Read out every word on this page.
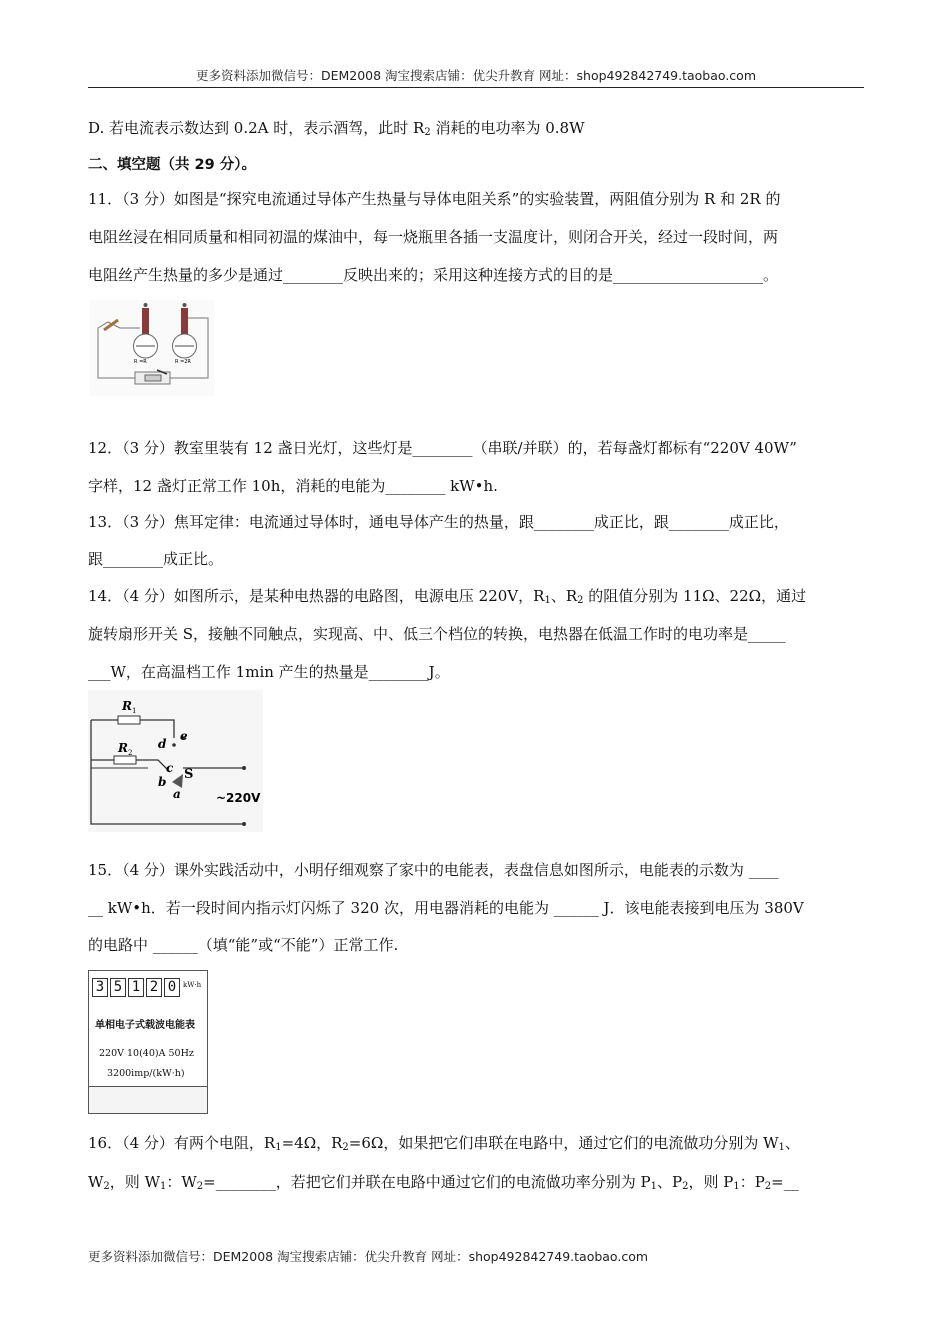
更多资料添加微信号：DEM2008 淘宝搜索店铺：优尖升教育 网址：shop492842749.taobao.com
D. 若电流表示数达到 0.2A 时，表示酒驾，此时 $R_2$ 消耗的电功率为 0.8W
二、填空题（共 29 分）。
11．（3 分）如图是“探究电流通过导体产生热量与导体电阻关系”的实验装置，两阻值分别为 R 和 2R 的
电阻丝浸在相同质量和相同初温的煤油中，每一烧瓶里各插一支温度计，则闭合开关，经过一段时间，两
电阻丝产生热量的多少是通过________反映出来的；采用这种连接方式的目的是____________________。
R =R	R =2R
12．（3 分）教室里装有 12 盏日光灯，这些灯是________（串联/并联）的，若每盏灯都标有“220V 40W”
字样，12 盏灯正常工作 10h，消耗的电能为________ kW•h.
13．（3 分）焦耳定律：电流通过导体时，通电导体产生的热量，跟________成正比，跟________成正比，
跟________成正比。
14．（4 分）如图所示，是某种电热器的电路图，电源电压 220V，$R_1$、$R_2$ 的阻值分别为 11Ω、22Ω，通过
旋转扇形开关 S，接触不同触点，实现高、中、低三个档位的转换，电热器在低温工作时的电功率是_____
___W，在高温档工作 1min 产生的热量是________J。
R 1
R 2
d
e
c
b
a
S
~220V
15．（4 分）课外实践活动中，小明仔细观察了家中的电能表，表盘信息如图所示，电能表的示数为 ____
__ kW•h．若一段时间内指示灯闪烁了 320 次，用电器消耗的电能为 ______ J．该电能表接到电压为 380V
的电路中 ______（填“能”或“不能”）正常工作.
3 5 1 2 0 kW·h
单相电子式载波电能表
220V 10(40)A 50Hz
3200imp/(kW·h)
16．（4 分）有两个电阻，$R_1=4\Omega$，$R_2=6\Omega$，如果把它们串联在电路中，通过它们的电流做功分别为 $W_1$、
$W_2$，则 $W_1$：$W_2=\_\_\_\_\_\_\_\_$，若把它们并联在电路中通过它们的电流做功率分别为 $P_1$、$P_2$，则 $P_1$：$P_2=\_\_$
更多资料添加微信号：DEM2008 淘宝搜索店铺：优尖升教育 网址：shop492842749.taobao.com
